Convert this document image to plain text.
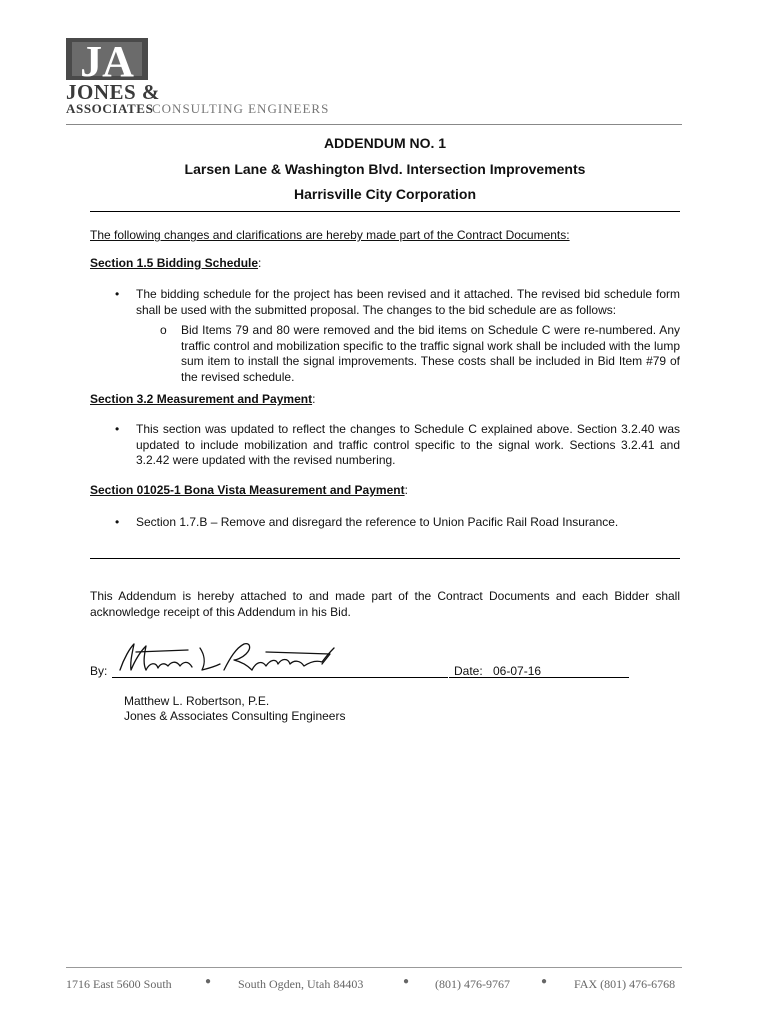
JA
JONES &
ASSOCIATES
CONSULTING ENGINEERS
ADDENDUM NO. 1
Larsen Lane & Washington Blvd. Intersection Improvements
Harrisville City Corporation
The following changes and clarifications are hereby made part of the Contract Documents:
Section 1.5 Bidding Schedule:
• The bidding schedule for the project has been revised and it attached. The revised bid schedule form shall be used with the submitted proposal. The changes to the bid schedule are as follows:
o Bid Items 79 and 80 were removed and the bid items on Schedule C were re-numbered. Any traffic control and mobilization specific to the traffic signal work shall be included with the lump sum item to install the signal improvements. These costs shall be included in Bid Item #79 of the revised schedule.
Section 3.2 Measurement and Payment:
• This section was updated to reflect the changes to Schedule C explained above. Section 3.2.40 was updated to include mobilization and traffic control specific to the signal work. Sections 3.2.41 and 3.2.42 were updated with the revised numbering.
Section 01025-1 Bona Vista Measurement and Payment:
• Section 1.7.B – Remove and disregard the reference to Union Pacific Rail Road Insurance.
This Addendum is hereby attached to and made part of the Contract Documents and each Bidder shall acknowledge receipt of this Addendum in his Bid.
By:	Date: 06-07-16
Matthew L. Robertson, P.E.
Jones & Associates Consulting Engineers
1716 East 5600 South	● South Ogden, Utah 84403	● (801) 476-9767	● FAX (801) 476-6768
